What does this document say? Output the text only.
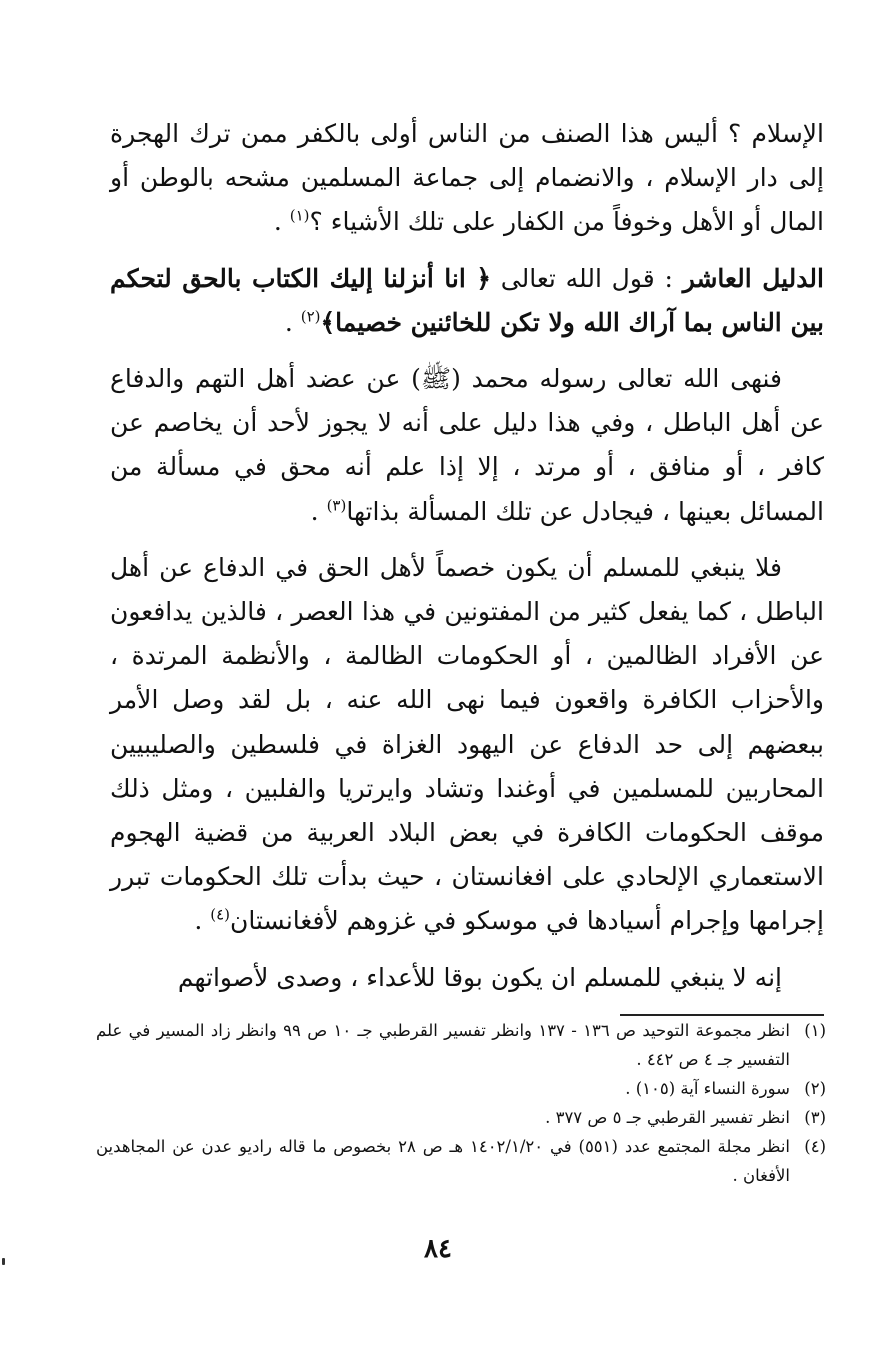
الإسلام ؟ أليس هذا الصنف من الناس أولى بالكفر ممن ترك الهجرة إلى دار الإسلام ، والانضمام إلى جماعة المسلمين مشحه بالوطن أو المال أو الأهل وخوفاً من الكفار على تلك الأشياء ؟$^{(١)}$ .

الدليل العاشر : قول الله تعالى ﴿ انا أنزلنا إليك الكتاب بالحق لتحكم بين الناس بما آراك الله ولا تكن للخائنين خصيما﴾$^{(٢)}$ .

فنهى الله تعالى رسوله محمد (ﷺ) عن عضد أهل التهم والدفاع عن أهل الباطل ، وفي هذا دليل على أنه لا يجوز لأحد أن يخاصم عن كافر ، أو منافق ، أو مرتد ، إلا إذا علم أنه محق في مسألة من المسائل بعينها ، فيجادل عن تلك المسألة بذاتها$^{(٣)}$ .

فلا ينبغي للمسلم أن يكون خصماً لأهل الحق في الدفاع عن أهل الباطل ، كما يفعل كثير من المفتونين في هذا العصر ، فالذين يدافعون عن الأفراد الظالمين ، أو الحكومات الظالمة ، والأنظمة المرتدة ، والأحزاب الكافرة واقعون فيما نهى الله عنه ، بل لقد وصل الأمر ببعضهم إلى حد الدفاع عن اليهود الغزاة في فلسطين والصليبيين المحاربين للمسلمين في أوغندا وتشاد وايرتريا والفلبين ، ومثل ذلك موقف الحكومات الكافرة في بعض البلاد العربية من قضية الهجوم الاستعماري الإلحادي على افغانستان ، حيث بدأت تلك الحكومات تبرر إجرامها وإجرام أسيادها في موسكو في غزوهم لأفغانستان$^{(٤)}$ .

إنه لا ينبغي للمسلم ان يكون بوقا للأعداء ، وصدى لأصواتهم

(١)
انظر مجموعة التوحيد ص ١٣٦ - ١٣٧ وانظر تفسير القرطبي جـ ١٠ ص ٩٩ وانظر زاد المسير في علم التفسير جـ ٤ ص ٤٤٢ .
(٢)
سورة النساء آية (١٠٥) .
(٣)
انظر تفسير القرطبي جـ ٥ ص ٣٧٧ .
(٤)
انظر مجلة المجتمع عدد (٥٥١) في ١٤٠٢/١/٢٠ هـ ص ٢٨ بخصوص ما قاله راديو عدن عن المجاهدين الأفغان .
٨٤
